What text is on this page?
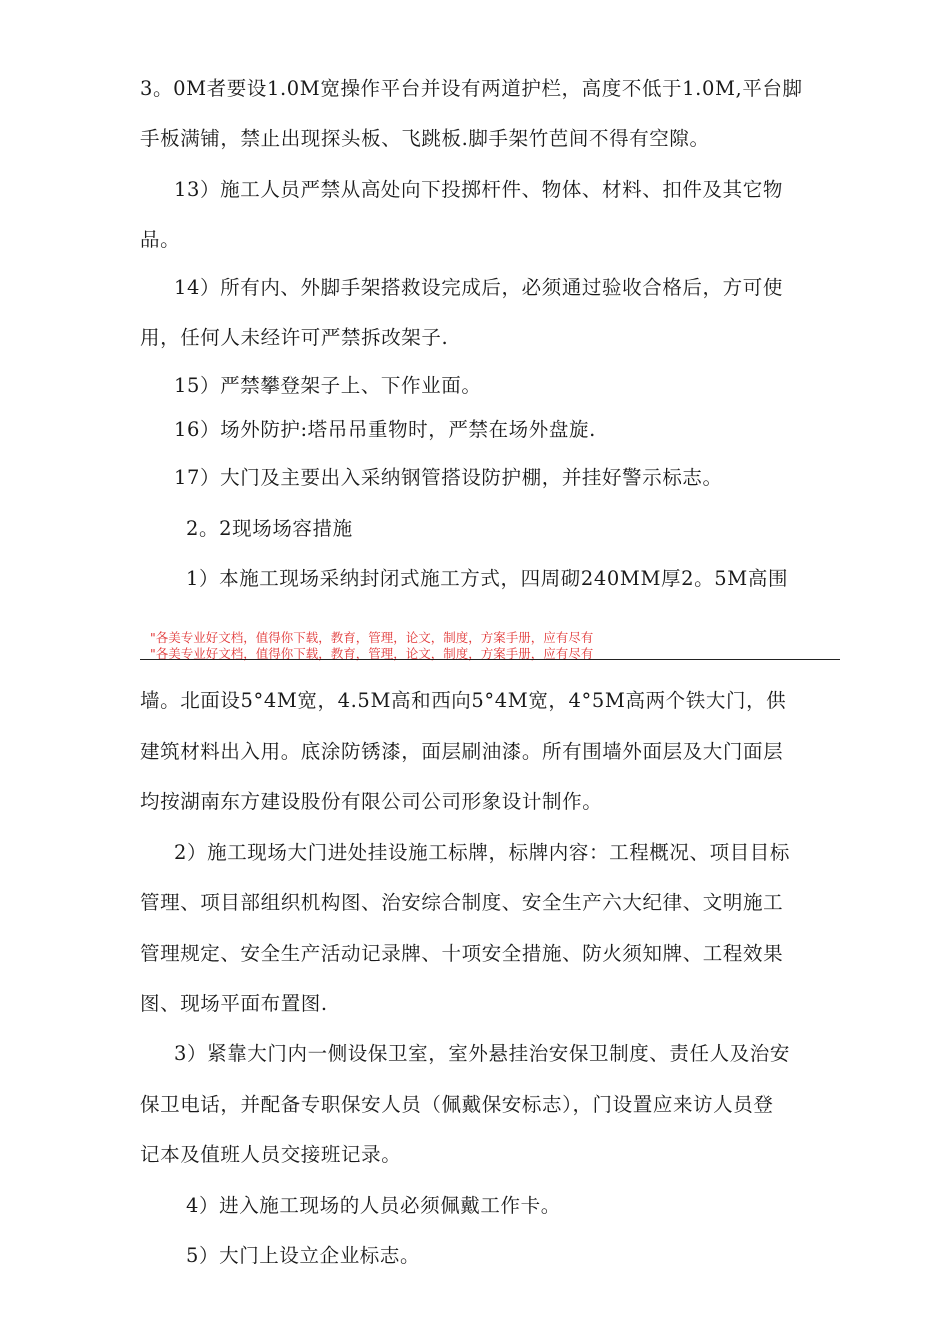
3。0M者要设1.0M宽操作平台并设有两道护栏，高度不低于1.0M,平台脚
手板满铺，禁止出现探头板、飞跳板.脚手架竹芭间不得有空隙。
13）施工人员严禁从高处向下投掷杆件、物体、材料、扣件及其它物
品。
14）所有内、外脚手架搭救设完成后，必须通过验收合格后，方可使
用，任何人未经许可严禁拆改架子.
15）严禁攀登架子上、下作业面。
16）场外防护:塔吊吊重物时，严禁在场外盘旋.
17）大门及主要出入采纳钢管搭设防护棚，并挂好警示标志。
2。2现场场容措施
1）本施工现场采纳封闭式施工方式，四周砌240MM厚2。5M高围
"各美专业好文档，值得你下载，教育，管理，论文，制度，方案手册，应有尽有
"各美专业好文档，值得你下载，教育，管理，论文，制度，方案手册，应有尽有
墙。北面设5°4M宽，4.5M高和西向5°4M宽，4°5M高两个铁大门，供
建筑材料出入用。底涂防锈漆，面层刷油漆。所有围墙外面层及大门面层
均按湖南东方建设股份有限公司公司形象设计制作。
2）施工现场大门进处挂设施工标牌，标牌内容：工程概况、项目目标
管理、项目部组织机构图、治安综合制度、安全生产六大纪律、文明施工
管理规定、安全生产活动记录牌、十项安全措施、防火须知牌、工程效果
图、现场平面布置图.
3）紧靠大门内一侧设保卫室，室外悬挂治安保卫制度、责任人及治安
保卫电话，并配备专职保安人员（佩戴保安标志），门设置应来访人员登
记本及值班人员交接班记录。
4）进入施工现场的人员必须佩戴工作卡。
5）大门上设立企业标志。
